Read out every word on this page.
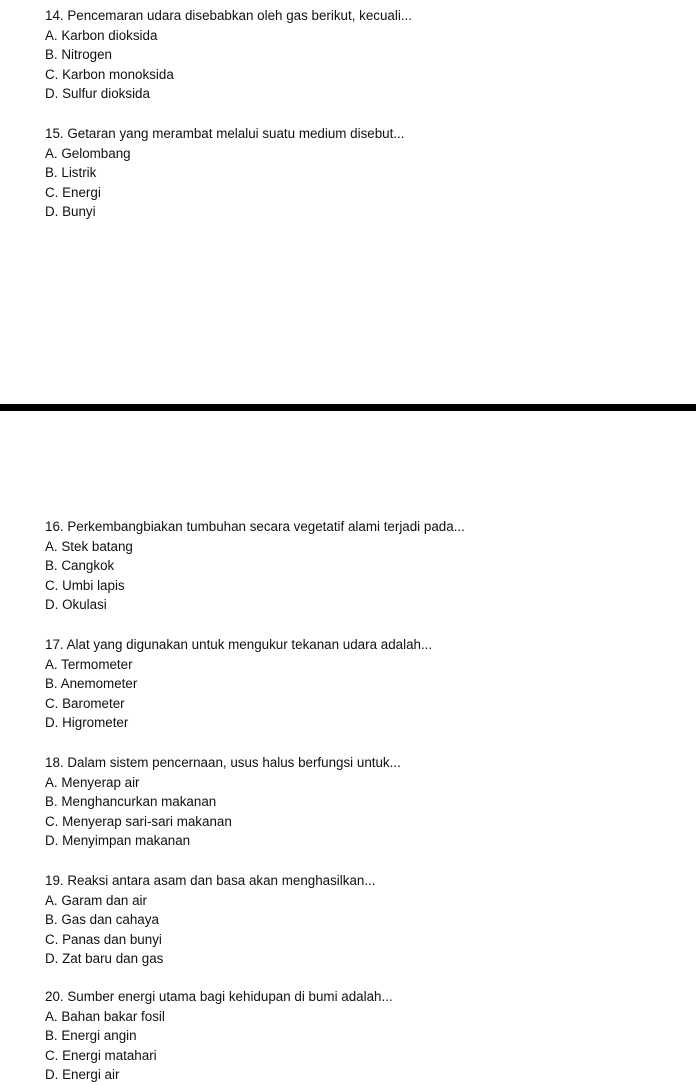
14. Pencemaran udara disebabkan oleh gas berikut, kecuali...
A. Karbon dioksida
B. Nitrogen
C. Karbon monoksida
D. Sulfur dioksida
15. Getaran yang merambat melalui suatu medium disebut...
A. Gelombang
B. Listrik
C. Energi
D. Bunyi
16. Perkembangbiakan tumbuhan secara vegetatif alami terjadi pada...
A. Stek batang
B. Cangkok
C. Umbi lapis
D. Okulasi
17. Alat yang digunakan untuk mengukur tekanan udara adalah...
A. Termometer
B. Anemometer
C. Barometer
D. Higrometer
18. Dalam sistem pencernaan, usus halus berfungsi untuk...
A. Menyerap air
B. Menghancurkan makanan
C. Menyerap sari-sari makanan
D. Menyimpan makanan
19. Reaksi antara asam dan basa akan menghasilkan...
A. Garam dan air
B. Gas dan cahaya
C. Panas dan bunyi
D. Zat baru dan gas
20. Sumber energi utama bagi kehidupan di bumi adalah...
A. Bahan bakar fosil
B. Energi angin
C. Energi matahari
D. Energi air
